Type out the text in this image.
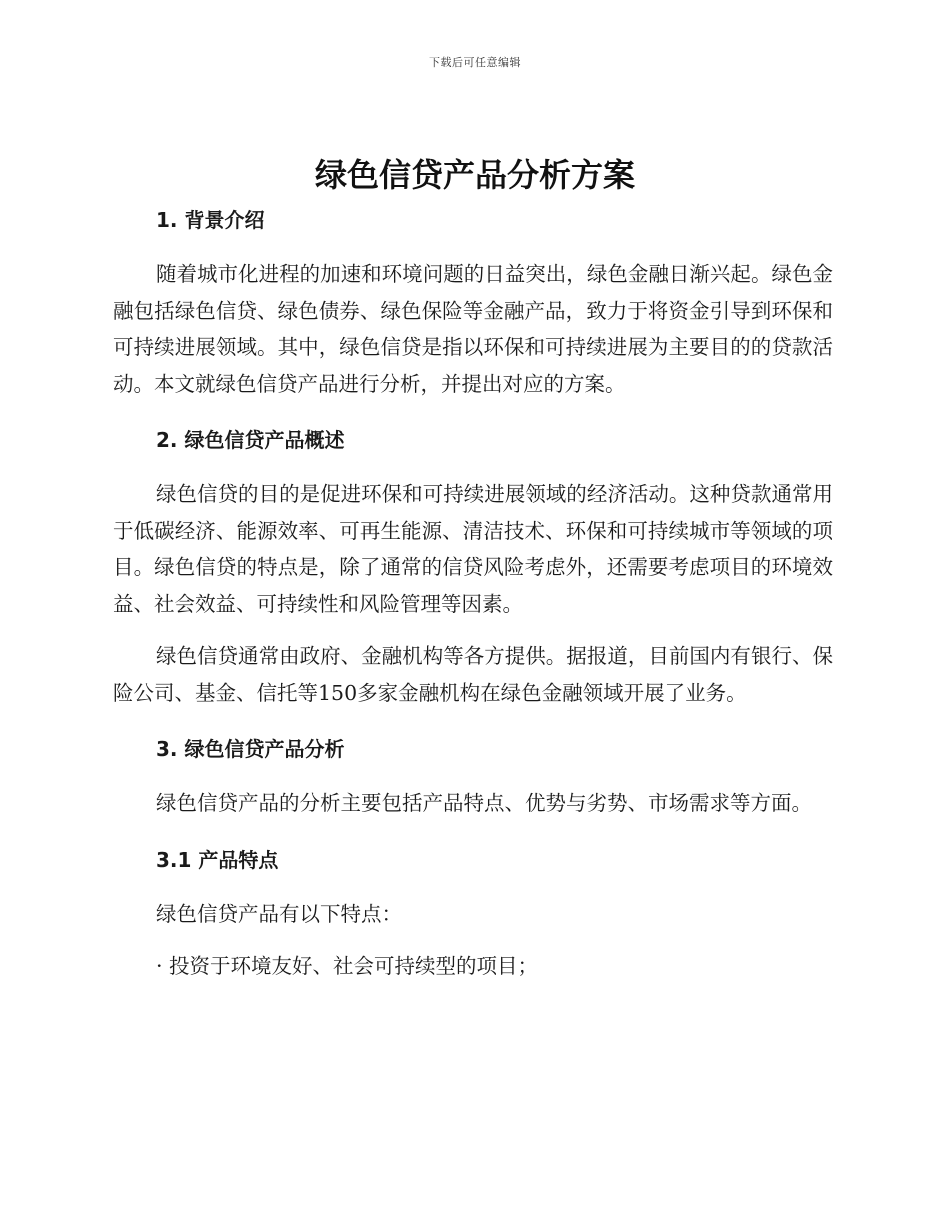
下载后可任意编辑
绿色信贷产品分析方案

1. 背景介绍

随着城市化进程的加速和环境问题的日益突出，绿色金融日渐兴起。绿色金融包括绿色信贷、绿色债券、绿色保险等金融产品，致力于将资金引导到环保和可持续进展领域。其中，绿色信贷是指以环保和可持续进展为主要目的的贷款活动。本文就绿色信贷产品进行分析，并提出对应的方案。

2. 绿色信贷产品概述

绿色信贷的目的是促进环保和可持续进展领域的经济活动。这种贷款通常用于低碳经济、能源效率、可再生能源、清洁技术、环保和可持续城市等领域的项目。绿色信贷的特点是，除了通常的信贷风险考虑外，还需要考虑项目的环境效益、社会效益、可持续性和风险管理等因素。

绿色信贷通常由政府、金融机构等各方提供。据报道，目前国内有银行、保险公司、基金、信托等150多家金融机构在绿色金融领域开展了业务。

3. 绿色信贷产品分析

绿色信贷产品的分析主要包括产品特点、优势与劣势、市场需求等方面。

3.1 产品特点

绿色信贷产品有以下特点：

· 投资于环境友好、社会可持续型的项目；
